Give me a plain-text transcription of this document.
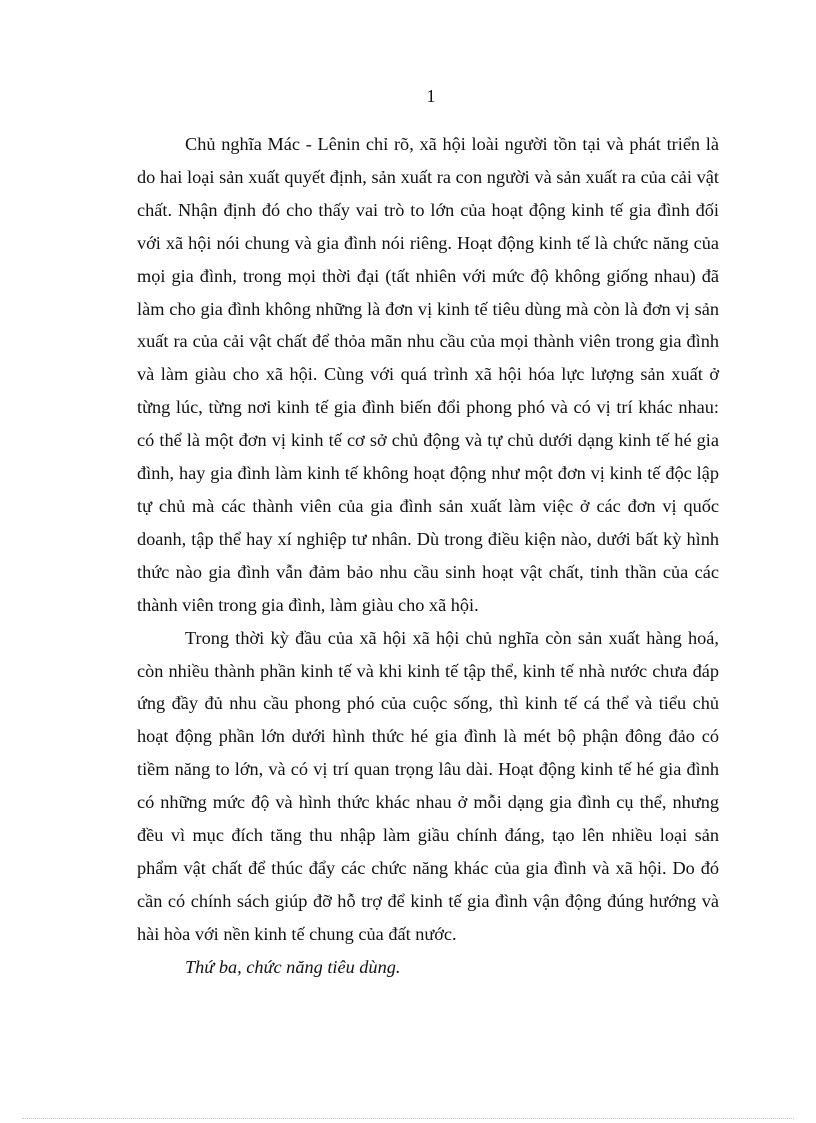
1

Chủ nghĩa Mác - Lênin chỉ rõ, xã hội loài người tồn tại và phát triển là do hai loại sản xuất quyết định, sản xuất ra con người và sản xuất ra của cải vật chất. Nhận định đó cho thấy vai trò to lớn của hoạt động kinh tế gia đình đối với xã hội nói chung và gia đình nói riêng. Hoạt động kinh tế là chức năng của mọi gia đình, trong mọi thời đại (tất nhiên với mức độ không giống nhau) đã làm cho gia đình không những là đơn vị kinh tế tiêu dùng mà còn là đơn vị sản xuất ra của cải vật chất để thỏa mãn nhu cầu của mọi thành viên trong gia đình và làm giàu cho xã hội. Cùng với quá trình xã hội hóa lực lượng sản xuất ở từng lúc, từng nơi kinh tế gia đình biến đổi phong phó và có vị trí khác nhau: có thể là một đơn vị kinh tế cơ sở chủ động và tự chủ dưới dạng kinh tế hé gia đình, hay gia đình làm kinh tế không hoạt động như một đơn vị kinh tế độc lập tự chủ mà các thành viên của gia đình sản xuất làm việc ở các đơn vị quốc doanh, tập thể hay xí nghiệp tư nhân. Dù trong điều kiện nào, dưới bất kỳ hình thức nào gia đình vẫn đảm bảo nhu cầu sinh hoạt vật chất, tinh thần của các thành viên trong gia đình, làm giàu cho xã hội.

Trong thời kỳ đầu của xã hội xã hội chủ nghĩa còn sản xuất hàng hoá, còn nhiều thành phần kinh tế và khi kinh tế tập thể, kinh tế nhà nước chưa đáp ứng đầy đủ nhu cầu phong phó của cuộc sống, thì kinh tế cá thể và tiểu chủ hoạt động phần lớn dưới hình thức hé gia đình là mét bộ phận đông đảo có tiềm năng to lớn, và có vị trí quan trọng lâu dài. Hoạt động kinh tế hé gia đình có những mức độ và hình thức khác nhau ở mỗi dạng gia đình cụ thể, nhưng đều vì mục đích tăng thu nhập làm giầu chính đáng, tạo lên nhiều loại sản phẩm vật chất để thúc đẩy các chức năng khác của gia đình và xã hội. Do đó cần có chính sách giúp đỡ hỗ trợ để kinh tế gia đình vận động đúng hướng và hài hòa với nền kinh tế chung của đất nước.

Thứ ba, chức năng tiêu dùng.
